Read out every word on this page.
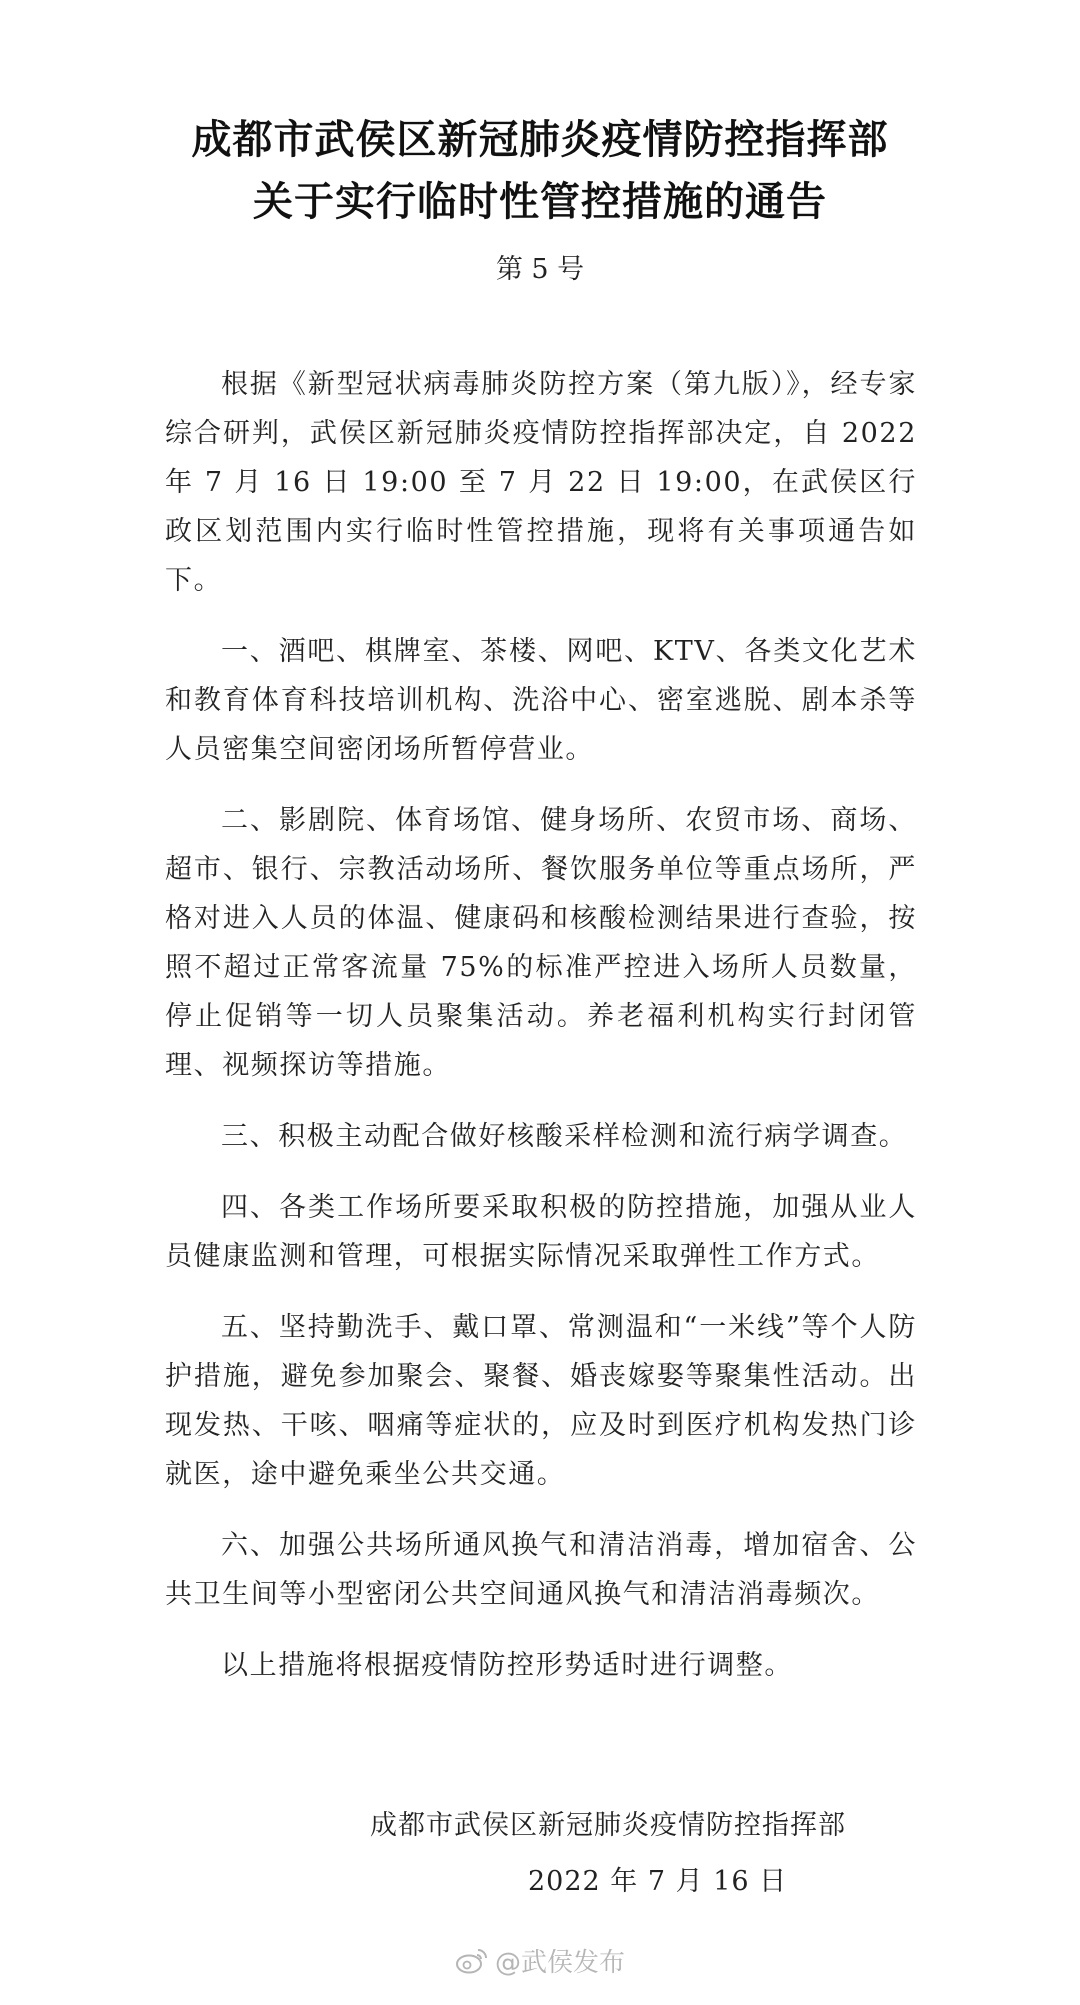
成都市武侯区新冠肺炎疫情防控指挥部
关于实行临时性管控措施的通告
第 5 号

根据《新型冠状病毒肺炎防控方案（第九版）》，经专家综合研判，武侯区新冠肺炎疫情防控指挥部决定，自 2022 年 7 月 16 日 19:00 至 7 月 22 日 19:00，在武侯区行政区划范围内实行临时性管控措施，现将有关事项通告如下。

一、酒吧、棋牌室、茶楼、网吧、KTV、各类文化艺术和教育体育科技培训机构、洗浴中心、密室逃脱、剧本杀等人员密集空间密闭场所暂停营业。

二、影剧院、体育场馆、健身场所、农贸市场、商场、超市、银行、宗教活动场所、餐饮服务单位等重点场所，严格对进入人员的体温、健康码和核酸检测结果进行查验，按照不超过正常客流量 75%的标准严控进入场所人员数量，停止促销等一切人员聚集活动。养老福利机构实行封闭管理、视频探访等措施。

三、积极主动配合做好核酸采样检测和流行病学调查。

四、各类工作场所要采取积极的防控措施，加强从业人员健康监测和管理，可根据实际情况采取弹性工作方式。

五、坚持勤洗手、戴口罩、常测温和“一米线”等个人防护措施，避免参加聚会、聚餐、婚丧嫁娶等聚集性活动。出现发热、干咳、咽痛等症状的，应及时到医疗机构发热门诊就医，途中避免乘坐公共交通。

六、加强公共场所通风换气和清洁消毒，增加宿舍、公共卫生间等小型密闭公共空间通风换气和清洁消毒频次。

以上措施将根据疫情防控形势适时进行调整。

成都市武侯区新冠肺炎疫情防控指挥部
2022 年 7 月 16 日
@武侯发布
